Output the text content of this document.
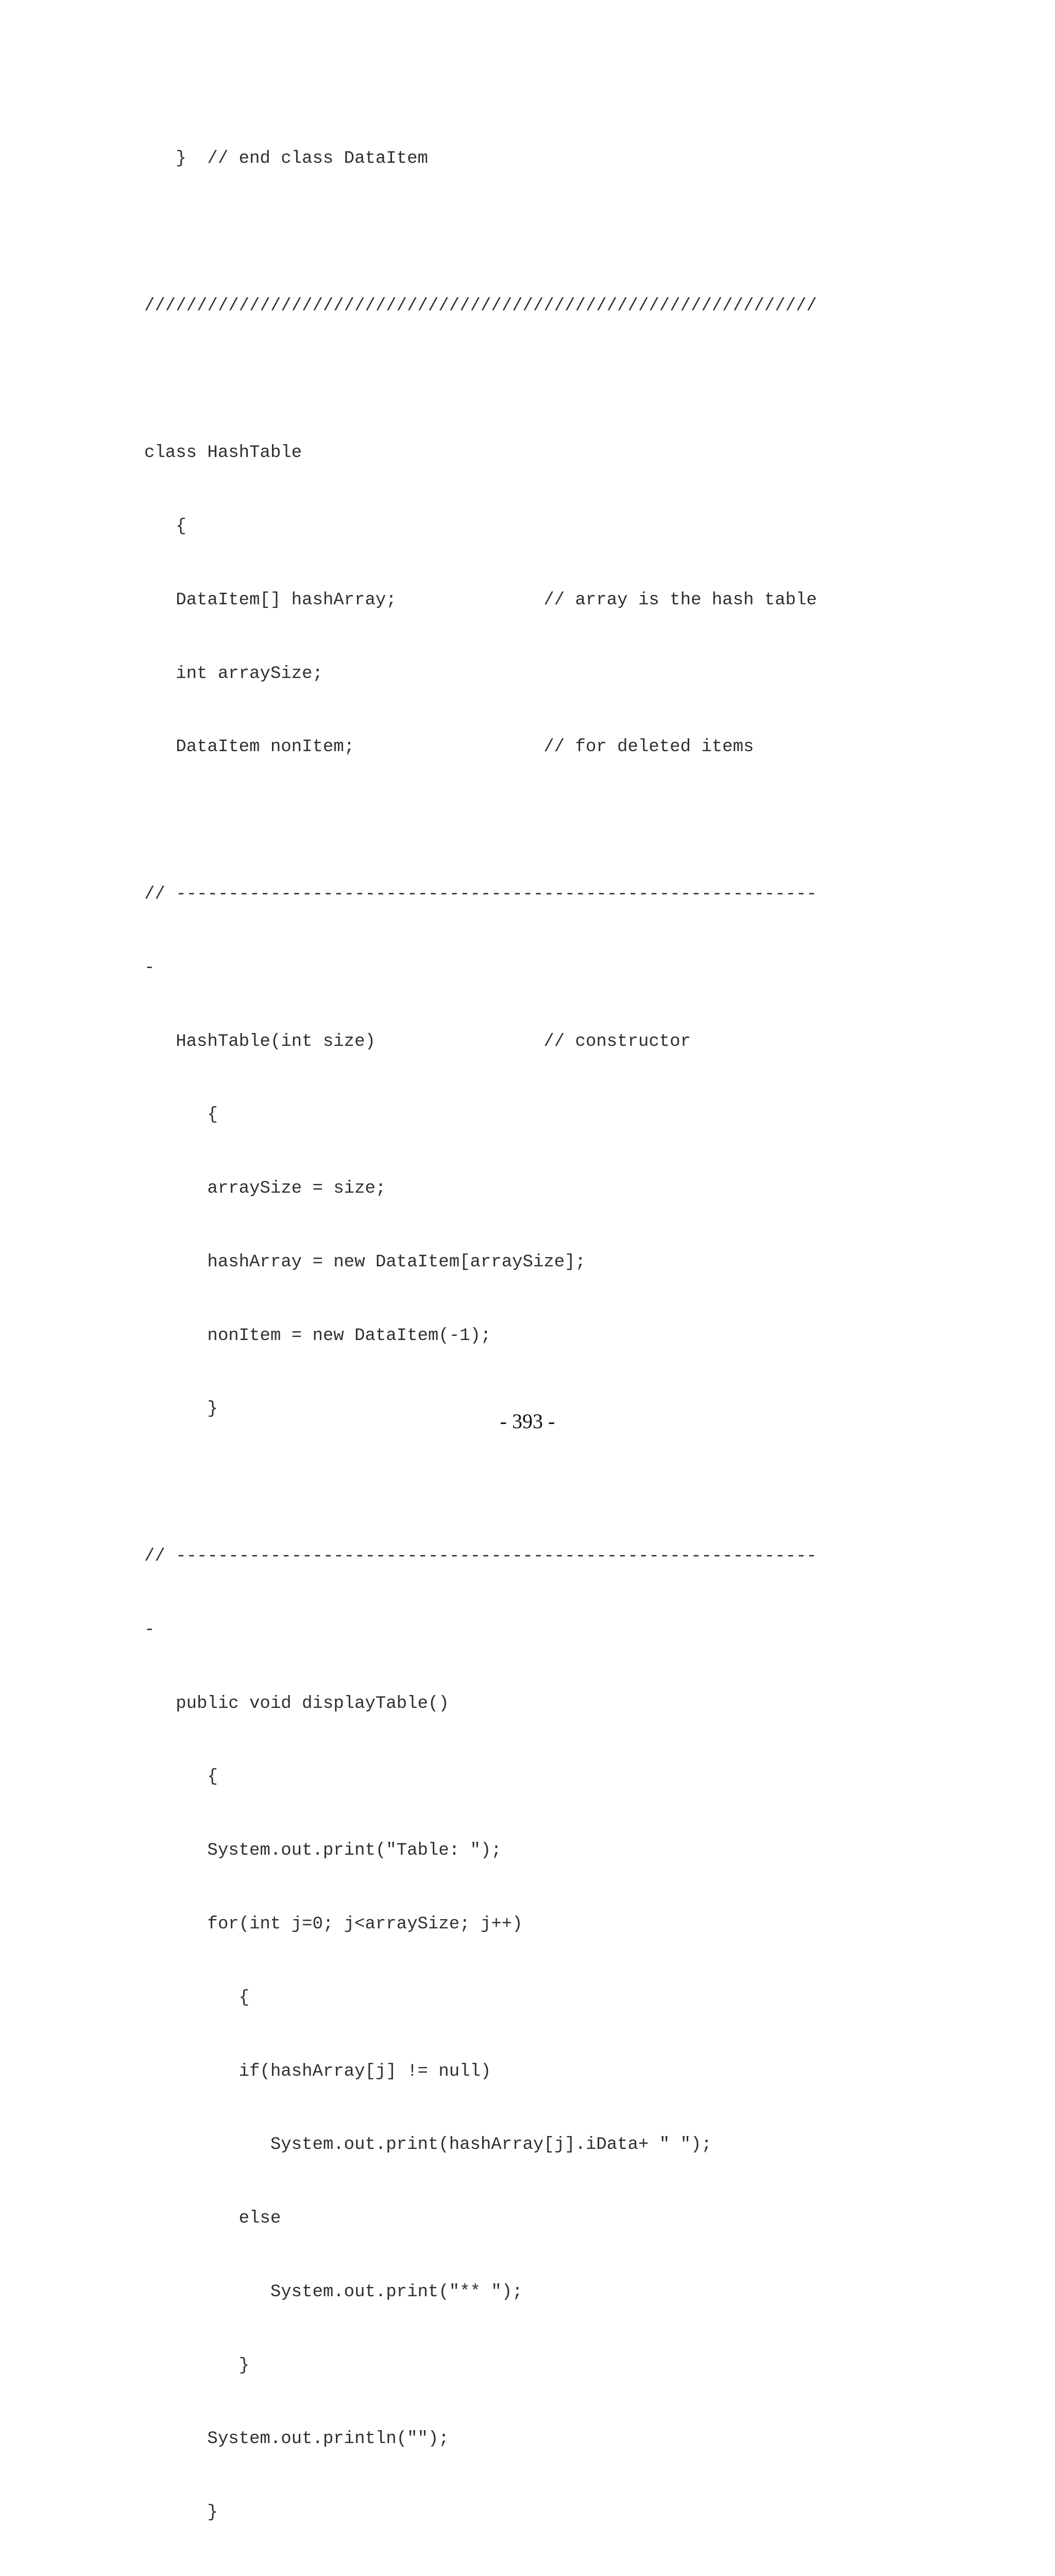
}  // end class DataItem

////////////////////////////////////////////////////////////////

class HashTable

{

DataItem[] hashArray;              // array is the hash table

int arraySize;

DataItem nonItem;                  // for deleted items

// -------------------------------------------------------------

-

HashTable(int size)                // constructor

{

arraySize = size;

hashArray = new DataItem[arraySize];

nonItem = new DataItem(-1);

}

// -------------------------------------------------------------

-

public void displayTable()

{

System.out.print("Table: ");

for(int j=0; j<arraySize; j++)

{

if(hashArray[j] != null)

System.out.print(hashArray[j].iData+ " ");

else

System.out.print("** ");

}

System.out.println("");

}

- 393 -
